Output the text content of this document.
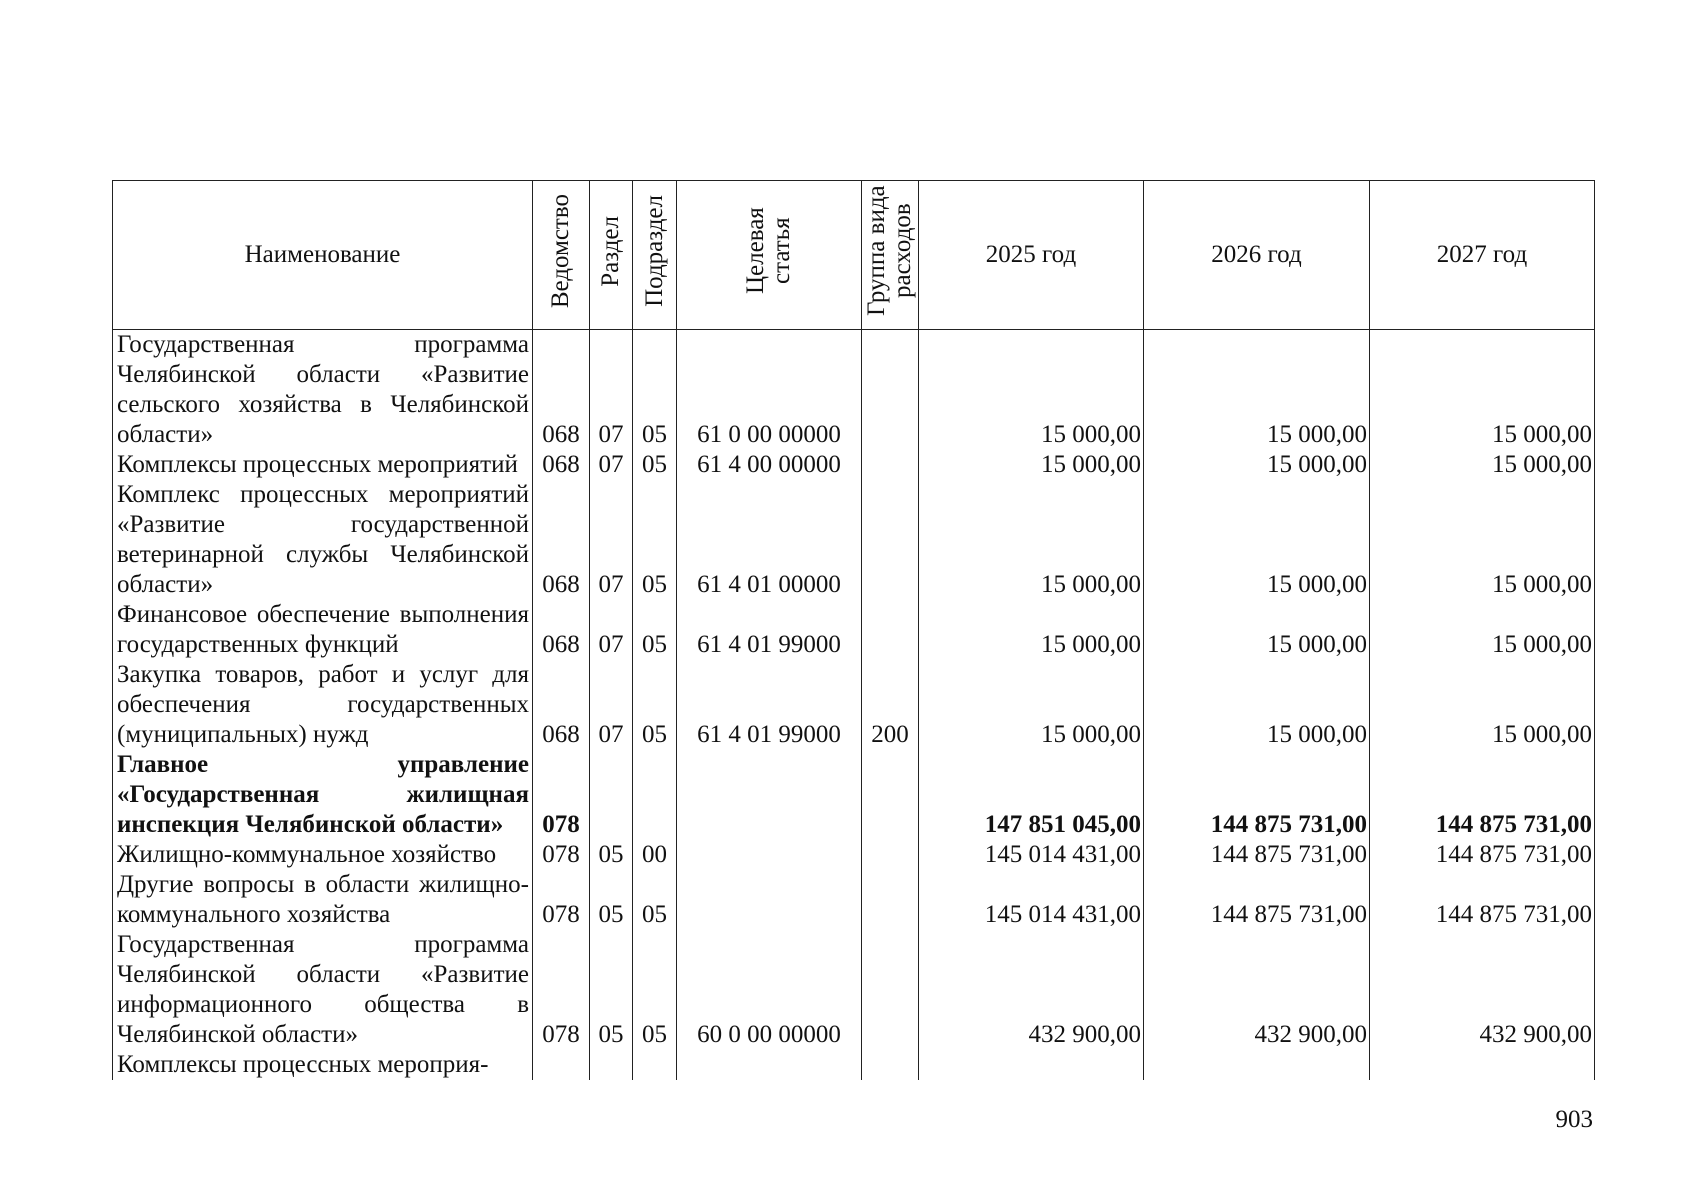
Наименование	Ведомство	Раздел	Подраздел	Целевая статья	Группа вида расходов	2025 год	2026 год	2027 год
Государственная программа Челябинской области «Развитие сельского хозяйства в Челябинской области»	068	07	05	61 0 00 00000		15 000,00	15 000,00	15 000,00
Комплексы процессных мероприятий	068	07	05	61 4 00 00000		15 000,00	15 000,00	15 000,00
Комплекс процессных мероприятий «Развитие государственной ветеринарной службы Челябинской области»	068	07	05	61 4 01 00000		15 000,00	15 000,00	15 000,00
Финансовое обеспечение выполнения государственных функций	068	07	05	61 4 01 99000		15 000,00	15 000,00	15 000,00
Закупка товаров, работ и услуг для обеспечения государственных (муниципальных) нужд	068	07	05	61 4 01 99000	200	15 000,00	15 000,00	15 000,00
Главное управление «Государственная жилищная инспекция Челябинской области»	078					147 851 045,00	144 875 731,00	144 875 731,00
Жилищно-коммунальное хозяйство	078	05	00			145 014 431,00	144 875 731,00	144 875 731,00
Другие вопросы в области жилищно-коммунального хозяйства	078	05	05			145 014 431,00	144 875 731,00	144 875 731,00
Государственная программа Челябинской области «Развитие информационного общества в Челябинской области»	078	05	05	60 0 00 00000		432 900,00	432 900,00	432 900,00
Комплексы процессных мероприя-								
903
